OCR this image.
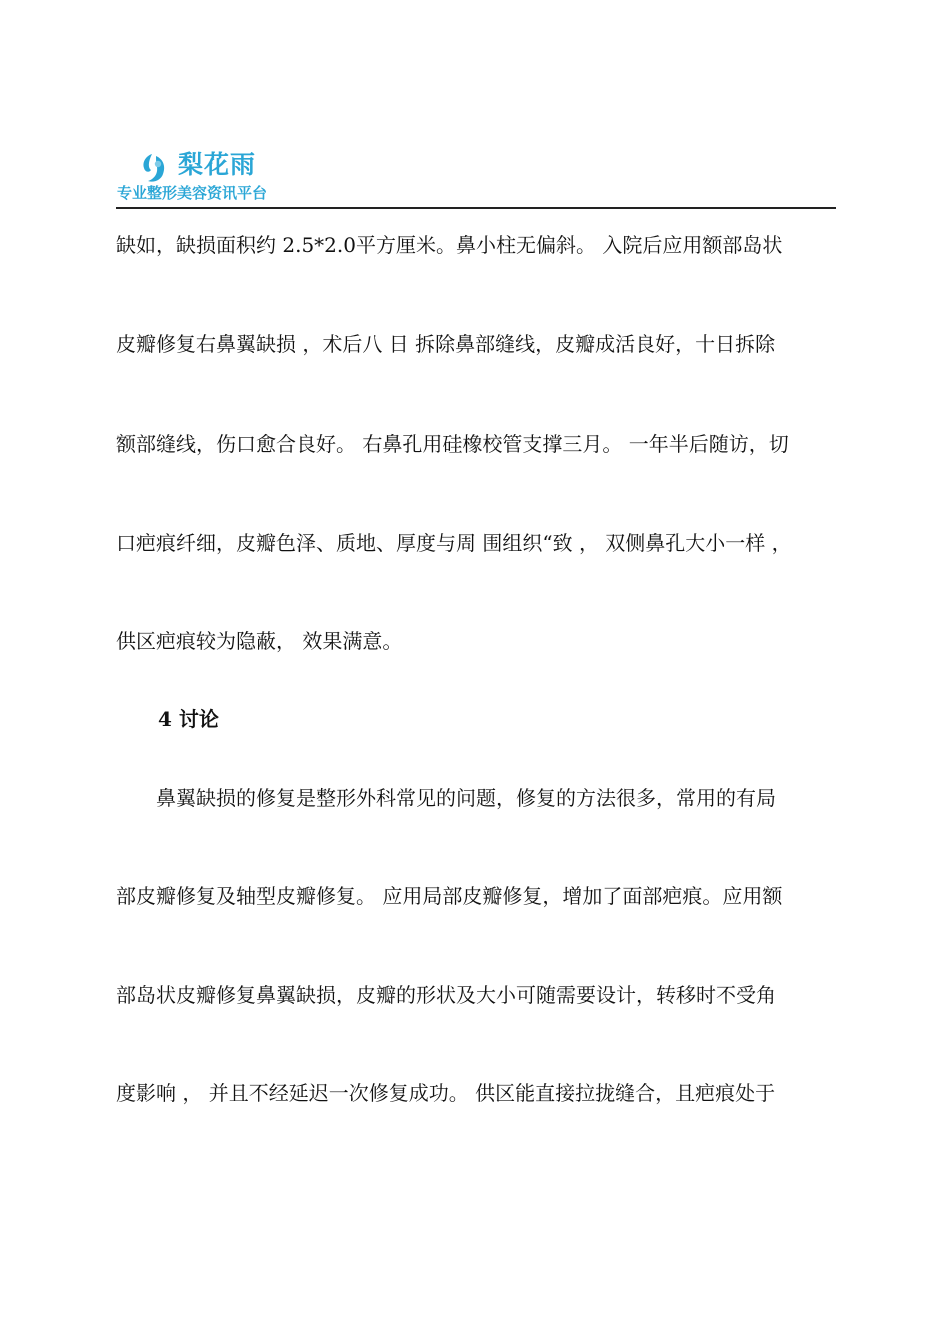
梨花雨
专业整形美容资讯平台
缺如，缺损面积约 2.5*2.0平方厘米。鼻小柱无偏斜。 入院后应用额部岛状
皮瓣修复右鼻翼缺损 ，术后八 日 拆除鼻部缝线，皮瓣成活良好，十日拆除
额部缝线，伤口愈合良好。 右鼻孔用硅橡校管支撑三月。 一年半后随访，切
口疤痕纤细，皮瓣色泽、质地、厚度与周 围组织“致 ， 双侧鼻孔大小一样 ，
供区疤痕较为隐蔽， 效果满意。
4 讨论
鼻翼缺损的修复是整形外科常见的问题，修复的方法很多，常用的有局
部皮瓣修复及轴型皮瓣修复。 应用局部皮瓣修复，增加了面部疤痕。应用额
部岛状皮瓣修复鼻翼缺损，皮瓣的形状及大小可随需要设计，转移时不受角
度影响 ， 并且不经延迟一次修复成功。 供区能直接拉拢缝合，且疤痕处于
